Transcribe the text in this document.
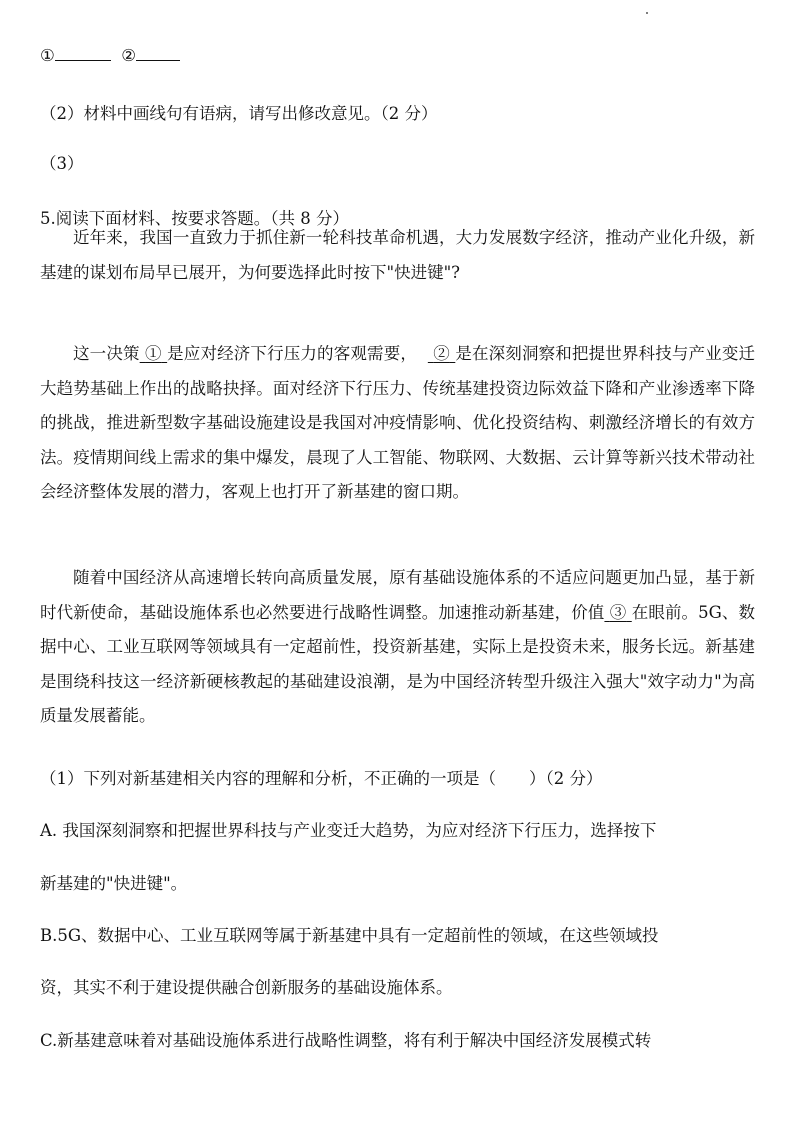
①	②
（2）材料中画线句有语病，请写出修改意见。（2 分）
（3）
5.阅读下面材料、按要求答题。（共 8 分）
近年来，我国一直致力于抓住新一轮科技革命机遇，大力发展数字经济，推动产业化升级，新基建的谋划布局早已展开，为何要选择此时按下"快进键"?
这一决策 ① 是应对经济下行压力的客观需要， ② 是在深刻洞察和把提世界科技与产业变迁大趋势基础上作出的战略抉择。面对经济下行压力、传统基建投资边际效益下降和产业渗透率下降的挑战，推进新型数字基础设施建设是我国对冲疫情影响、优化投资结构、刺激经济增长的有效方法。疫情期间线上需求的集中爆发，晨现了人工智能、物联网、大数据、云计算等新兴技术带动社会经济整体发展的潜力，客观上也打开了新基建的窗口期。
随着中国经济从高速增长转向高质量发展，原有基础设施体系的不适应问题更加凸显，基于新时代新使命，基础设施体系也必然要进行战略性调整。加速推动新基建，价值 ③ 在眼前。5G、数据中心、工业互联网等领域具有一定超前性，投资新基建，实际上是投资未来，服务长远。新基建是围绕科技这一经济新硬核教起的基础建设浪潮，是为中国经济转型升级注入强大"效字动力"为高质量发展蓄能。
（1）下列对新基建相关内容的理解和分析，不正确的一项是（　　）（2 分）
A. 我国深刻洞察和把握世界科技与产业变迁大趋势，为应对经济下行压力，选择按下
新基建的"快进键"。
B.5G、数据中心、工业互联网等属于新基建中具有一定超前性的领域，在这些领域投
资，其实不利于建设提供融合创新服务的基础设施体系。
C.新基建意味着对基础设施体系进行战略性调整，将有利于解决中国经济发展模式转
